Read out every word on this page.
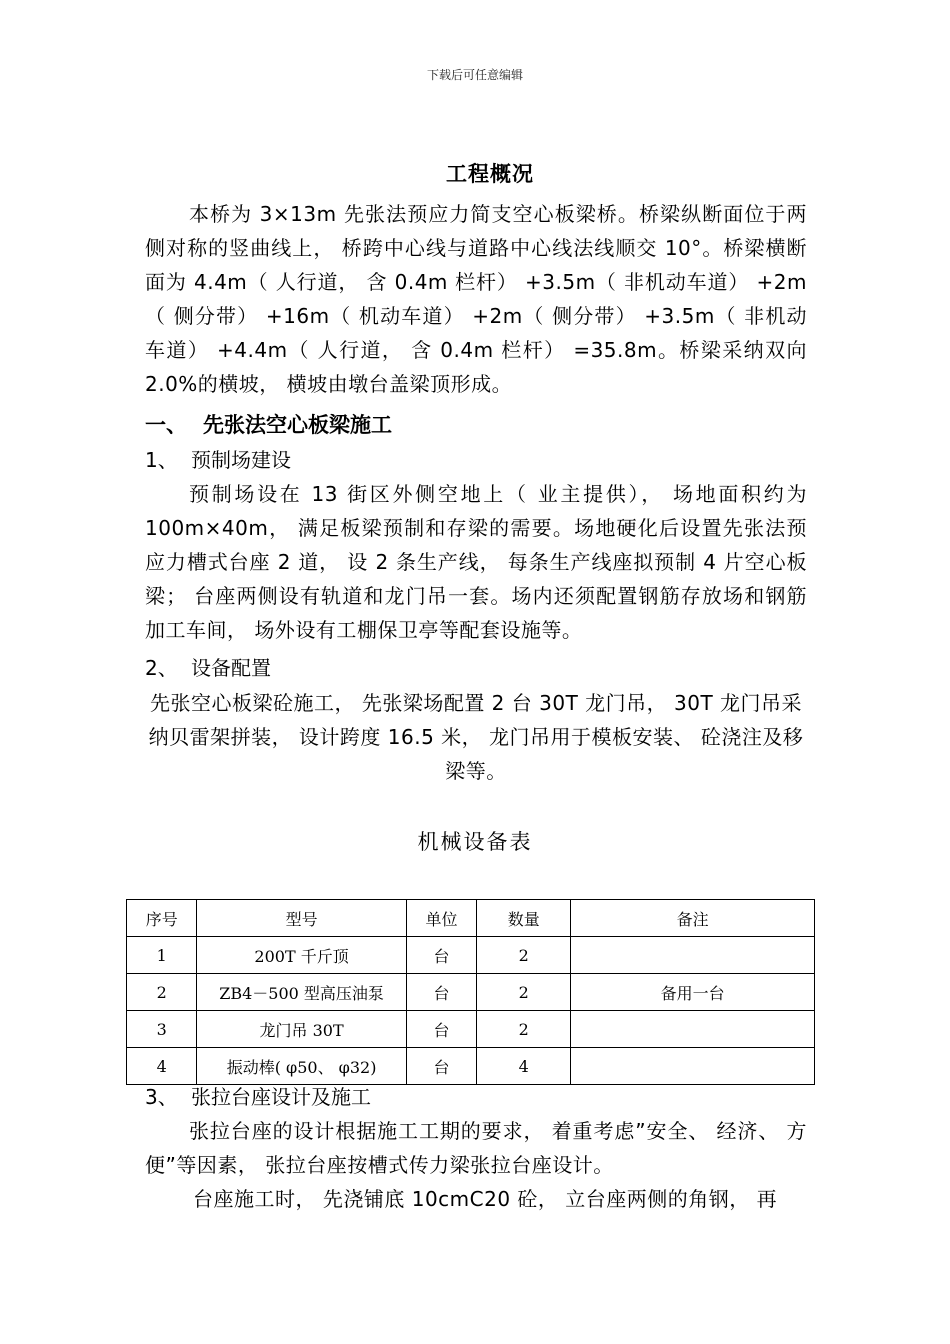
下载后可任意编辑
工程概况
本桥为 3×13m 先张法预应力简支空心板梁桥。桥梁纵断面位于两侧对称的竖曲线上， 桥跨中心线与道路中心线法线顺交 10°。桥梁横断面为 4.4m（ 人行道， 含 0.4m 栏杆） +3.5m（ 非机动车道） +2m（ 侧分带） +16m（ 机动车道） +2m（ 侧分带） +3.5m（ 非机动车道） +4.4m（ 人行道， 含 0.4m 栏杆） =35.8m。桥梁采纳双向 2.0%的横坡， 横坡由墩台盖梁顶形成。
一、 先张法空心板梁施工
1、 预制场建设
预制场设在 13 街区外侧空地上（ 业主提供）， 场地面积约为 100m×40m， 满足板梁预制和存梁的需要。场地硬化后设置先张法预应力槽式台座 2 道， 设 2 条生产线， 每条生产线座拟预制 4 片空心板梁； 台座两侧设有轨道和龙门吊一套。场内还须配置钢筋存放场和钢筋加工车间， 场外设有工棚保卫亭等配套设施等。
2、 设备配置
先张空心板梁砼施工， 先张梁场配置 2 台 30T 龙门吊， 30T 龙门吊采纳贝雷架拼装， 设计跨度 16.5 米， 龙门吊用于模板安装、 砼浇注及移梁等。
机械设备表
序号	型号	单位	数量	备注
1	200T 千斤顶	台	2	
2	ZB4－500 型高压油泵	台	2	备用一台
3	龙门吊 30T	台	2	
4	振动棒( φ50、 φ32)	台	4	
3、 张拉台座设计及施工
张拉台座的设计根据施工工期的要求， 着重考虑”安全、 经济、 方便”等因素， 张拉台座按槽式传力梁张拉台座设计。
台座施工时， 先浇铺底 10cmC20 砼， 立台座两侧的角钢， 再
